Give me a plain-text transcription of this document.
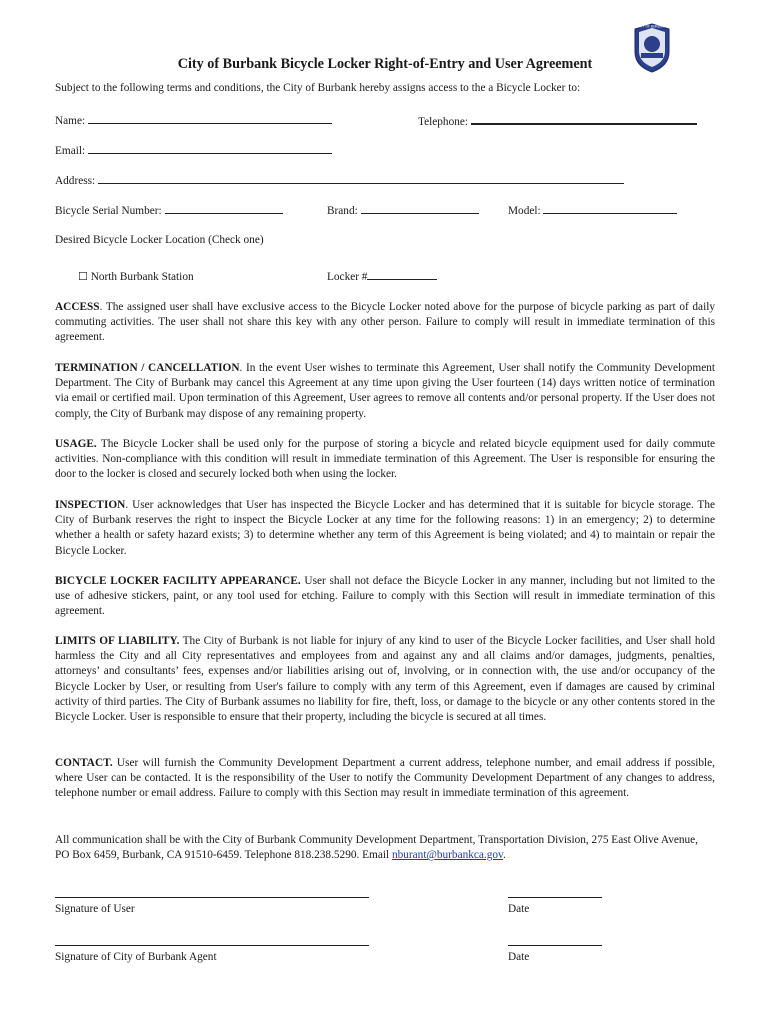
CITY OF BURBANK
City of Burbank Bicycle Locker Right-of-Entry and User Agreement
Subject to the following terms and conditions, the City of Burbank hereby assigns access to the a Bicycle Locker to:
Name:	Telephone:
Email:
Address:
Bicycle Serial Number:	Brand:	Model:
Desired Bicycle Locker Location (Check one)
☐ North Burbank Station	Locker #

ACCESS. The assigned user shall have exclusive access to the Bicycle Locker noted above for the purpose of bicycle parking as part of daily commuting activities. The user shall not share this key with any other person. Failure to comply will result in immediate termination of this agreement.

TERMINATION / CANCELLATION. In the event User wishes to terminate this Agreement, User shall notify the Community Development Department. The City of Burbank may cancel this Agreement at any time upon giving the User fourteen (14) days written notice of termination via email or certified mail. Upon termination of this Agreement, User agrees to remove all contents and/or personal property. If the User does not comply, the City of Burbank may dispose of any remaining property.

USAGE. The Bicycle Locker shall be used only for the purpose of storing a bicycle and related bicycle equipment used for daily commute activities. Non-compliance with this condition will result in immediate termination of this Agreement. The User is responsible for ensuring the door to the locker is closed and securely locked both when using the locker.

INSPECTION. User acknowledges that User has inspected the Bicycle Locker and has determined that it is suitable for bicycle storage. The City of Burbank reserves the right to inspect the Bicycle Locker at any time for the following reasons: 1) in an emergency; 2) to determine whether a health or safety hazard exists; 3) to determine whether any term of this Agreement is being violated; and 4) to maintain or repair the Bicycle Locker.

BICYCLE LOCKER FACILITY APPEARANCE. User shall not deface the Bicycle Locker in any manner, including but not limited to the use of adhesive stickers, paint, or any tool used for etching. Failure to comply with this Section will result in immediate termination of this agreement.

LIMITS OF LIABILITY. The City of Burbank is not liable for injury of any kind to user of the Bicycle Locker facilities, and User shall hold harmless the City and all City representatives and employees from and against any and all claims and/or damages, judgments, penalties, attorneys’ and consultants’ fees, expenses and/or liabilities arising out of, involving, or in connection with, the use and/or occupancy of the Bicycle Locker by User, or resulting from User's failure to comply with any term of this Agreement, even if damages are caused by criminal activity of third parties. The City of Burbank assumes no liability for fire, theft, loss, or damage to the bicycle or any other contents stored in the Bicycle Locker. User is responsible to ensure that their property, including the bicycle is secured at all times.

CONTACT. User will furnish the Community Development Department a current address, telephone number, and email address if possible, where User can be contacted. It is the responsibility of the User to notify the Community Development Department of any changes to address, telephone number or email address. Failure to comply with this Section may result in immediate termination of this agreement.

All communication shall be with the City of Burbank Community Development Department, Transportation Division, 275 East Olive Avenue, PO Box 6459, Burbank, CA 91510-6459. Telephone 818.238.5290. Email nburant@burbankca.gov.

Signature of User	Date
Signature of City of Burbank Agent	Date
